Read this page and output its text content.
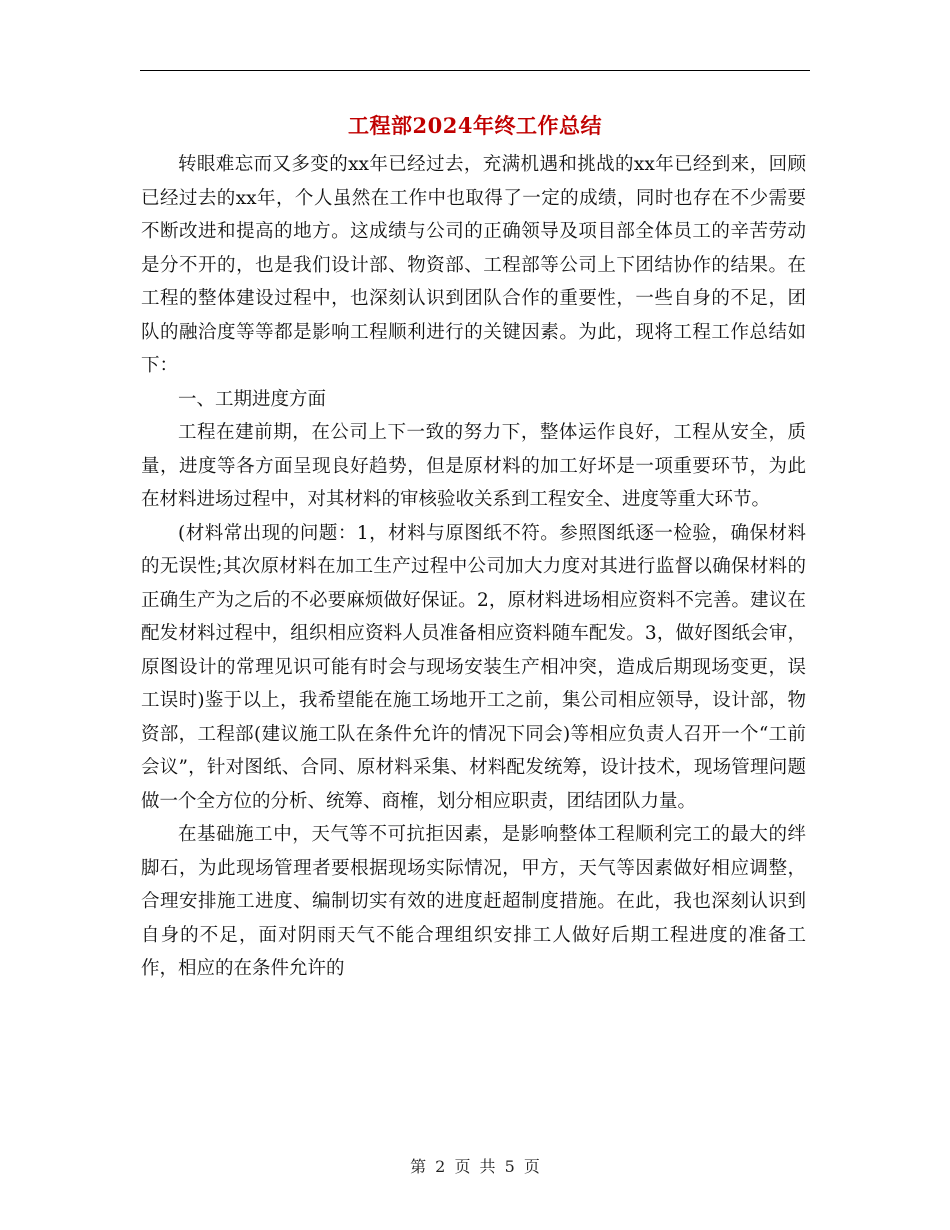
工程部2024年终工作总结

转眼难忘而又多变的xx年已经过去，充满机遇和挑战的xx年已经到来，回顾已经过去的xx年，个人虽然在工作中也取得了一定的成绩，同时也存在不少需要不断改进和提高的地方。这成绩与公司的正确领导及项目部全体员工的辛苦劳动是分不开的，也是我们设计部、物资部、工程部等公司上下团结协作的结果。在工程的整体建设过程中，也深刻认识到团队合作的重要性，一些自身的不足，团队的融洽度等等都是影响工程顺利进行的关键因素。为此，现将工程工作总结如下：

一、工期进度方面

工程在建前期，在公司上下一致的努力下，整体运作良好，工程从安全，质量，进度等各方面呈现良好趋势，但是原材料的加工好坏是一项重要环节，为此在材料进场过程中，对其材料的审核验收关系到工程安全、进度等重大环节。

(材料常出现的问题：1，材料与原图纸不符。参照图纸逐一检验，确保材料的无误性;其次原材料在加工生产过程中公司加大力度对其进行监督以确保材料的正确生产为之后的不必要麻烦做好保证。2，原材料进场相应资料不完善。建议在配发材料过程中，组织相应资料人员准备相应资料随车配发。3，做好图纸会审，原图设计的常理见识可能有时会与现场安装生产相冲突，造成后期现场变更，误工误时)鉴于以上，我希望能在施工场地开工之前，集公司相应领导，设计部，物资部，工程部(建议施工队在条件允许的情况下同会)等相应负责人召开一个“工前会议”，针对图纸、合同、原材料采集、材料配发统筹，设计技术，现场管理问题做一个全方位的分析、统筹、商榷，划分相应职责，团结团队力量。

在基础施工中，天气等不可抗拒因素，是影响整体工程顺利完工的最大的绊脚石，为此现场管理者要根据现场实际情况，甲方，天气等因素做好相应调整，合理安排施工进度、编制切实有效的进度赶超制度措施。在此，我也深刻认识到自身的不足，面对阴雨天气不能合理组织安排工人做好后期工程进度的准备工作，相应的在条件允许的

第 2 页 共 5 页
